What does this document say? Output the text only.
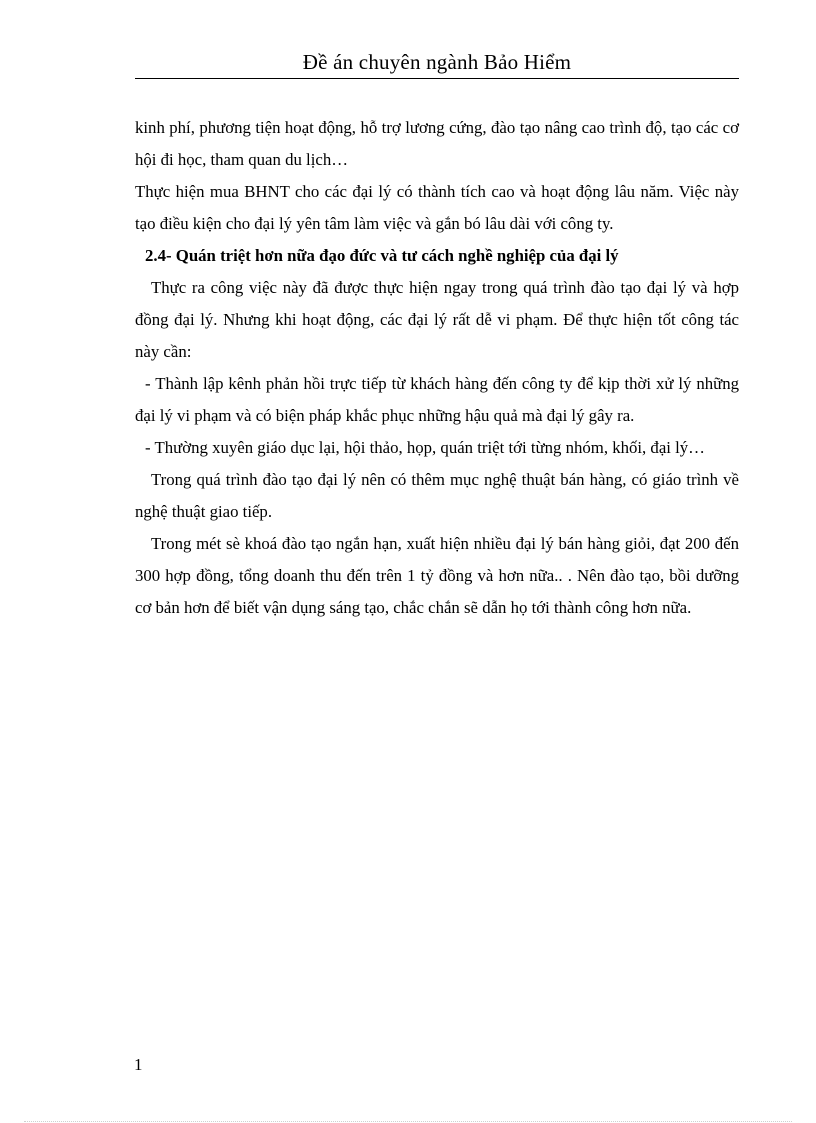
Đề án chuyên ngành Bảo Hiểm

kinh phí, phương tiện hoạt động, hỗ trợ lương cứng, đào tạo nâng cao trình độ, tạo các cơ hội đi học, tham quan du lịch…

Thực hiện mua BHNT cho các đại lý có thành tích cao và hoạt động lâu năm. Việc này tạo điều kiện cho đại lý yên tâm làm việc và gắn bó lâu dài với công ty.

2.4- Quán triệt hơn nữa đạo đức và tư cách nghề nghiệp của đại lý

Thực ra công việc này đã được thực hiện ngay trong quá trình đào tạo đại lý và hợp đồng đại lý. Nhưng khi hoạt động, các đại lý rất dễ vi phạm. Để thực hiện tốt công tác này cần:

- Thành lập kênh phản hồi trực tiếp từ khách hàng đến công ty để kịp thời xử lý những đại lý vi phạm và có biện pháp khắc phục những hậu quả mà đại lý gây ra.

- Thường xuyên giáo dục lại, hội thảo, họp, quán triệt tới từng nhóm, khối, đại lý…

Trong quá trình đào tạo đại lý nên có thêm mục nghệ thuật bán hàng, có giáo trình về nghệ thuật giao tiếp.

Trong mét sè khoá đào tạo ngắn hạn, xuất hiện nhiều đại lý bán hàng giỏi, đạt 200 đến 300 hợp đồng, tổng doanh thu đến trên 1 tỷ đồng và hơn nữa.. . Nên đào tạo, bồi dưỡng cơ bản hơn để biết vận dụng sáng tạo, chắc chắn sẽ dẫn họ tới thành công hơn nữa.

1
